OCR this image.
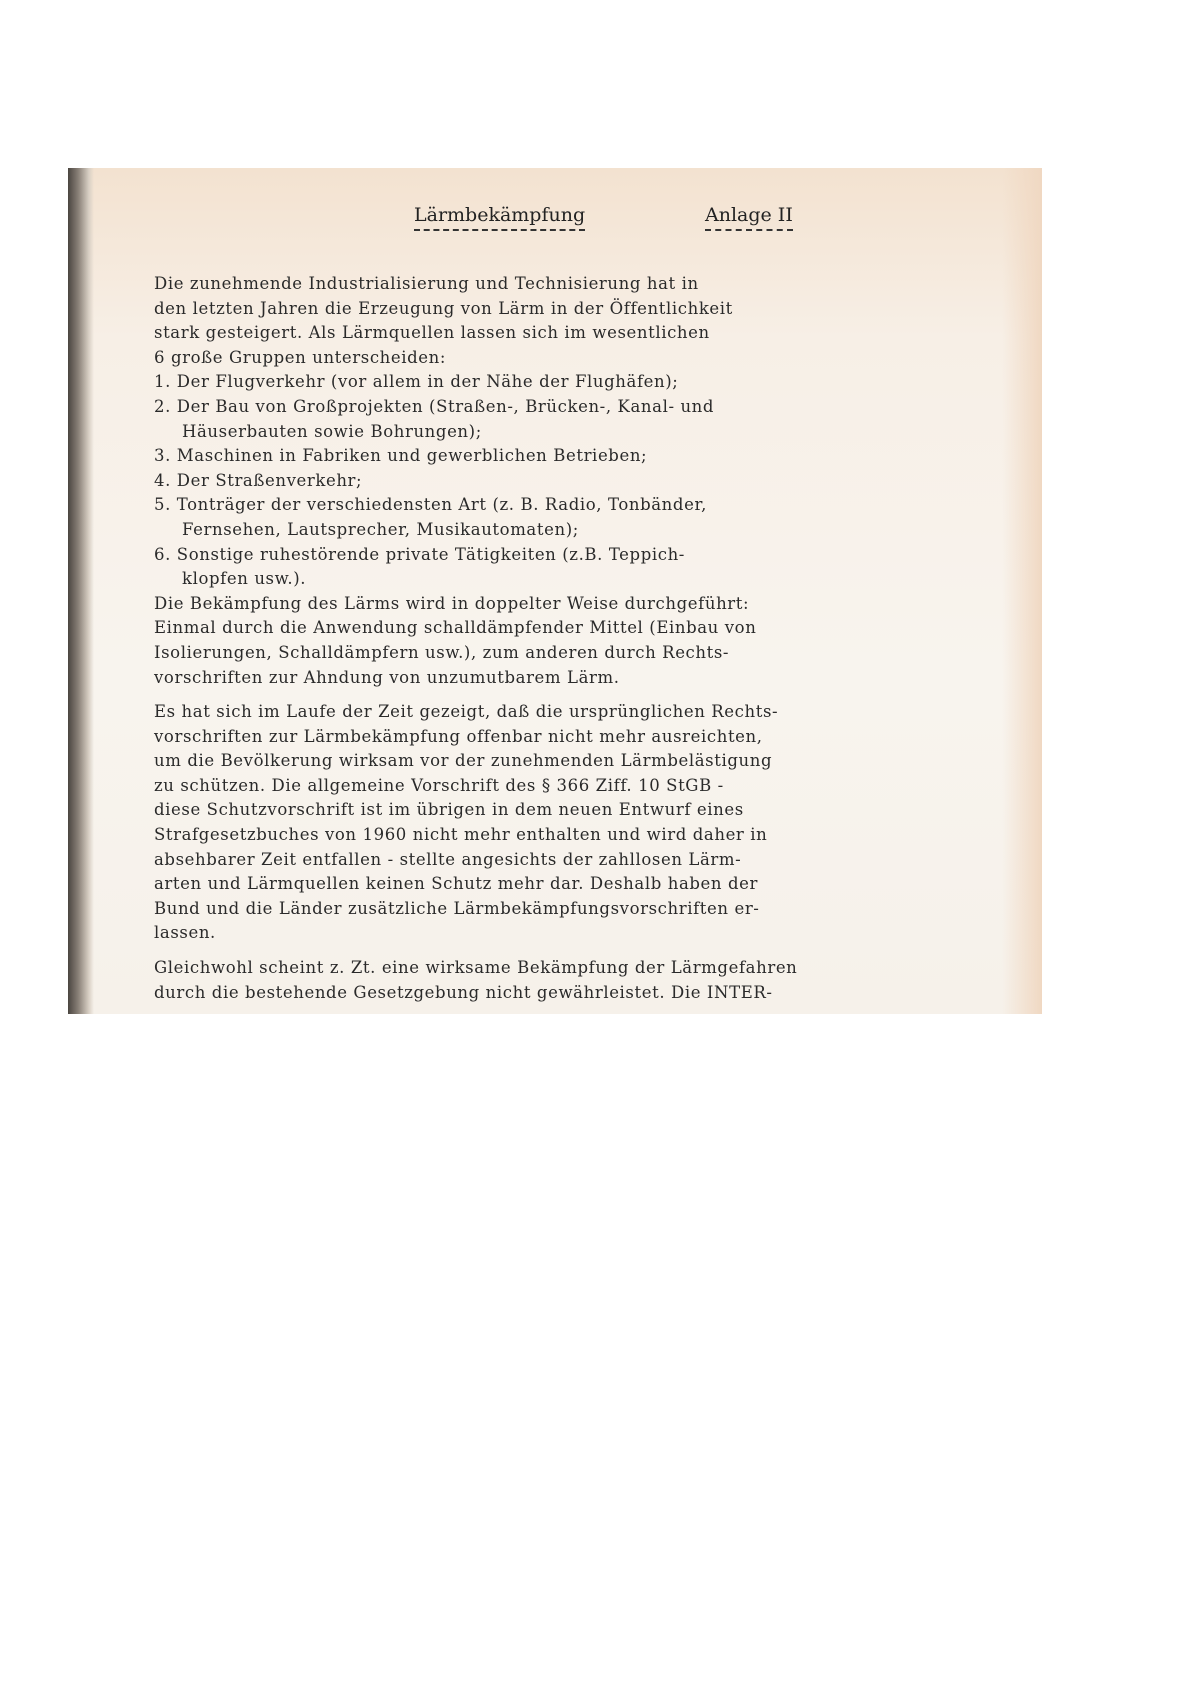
Lärmbekämpfung	Anlage II
Die zunehmende Industrialisierung und Technisierung hat in
den letzten Jahren die Erzeugung von Lärm in der Öffentlichkeit
stark gesteigert. Als Lärmquellen lassen sich im wesentlichen
6 große Gruppen unterscheiden:
1. Der Flugverkehr (vor allem in der Nähe der Flughäfen);
2. Der Bau von Großprojekten (Straßen-, Brücken-, Kanal- und
Häuserbauten sowie Bohrungen);
3. Maschinen in Fabriken und gewerblichen Betrieben;
4. Der Straßenverkehr;
5. Tonträger der verschiedensten Art (z. B. Radio, Tonbänder,
Fernsehen, Lautsprecher, Musikautomaten);
6. Sonstige ruhestörende private Tätigkeiten (z.B. Teppich-
klopfen usw.).
Die Bekämpfung des Lärms wird in doppelter Weise durchgeführt:
Einmal durch die Anwendung schalldämpfender Mittel (Einbau von
Isolierungen, Schalldämpfern usw.), zum anderen durch Rechts-
vorschriften zur Ahndung von unzumutbarem Lärm.
Es hat sich im Laufe der Zeit gezeigt, daß die ursprünglichen Rechts-
vorschriften zur Lärmbekämpfung offenbar nicht mehr ausreichten,
um die Bevölkerung wirksam vor der zunehmenden Lärmbelästigung
zu schützen. Die allgemeine Vorschrift des § 366 Ziff. 10 StGB -
diese Schutzvorschrift ist im übrigen in dem neuen Entwurf eines
Strafgesetzbuches von 1960 nicht mehr enthalten und wird daher in
absehbarer Zeit entfallen - stellte angesichts der zahllosen Lärm-
arten und Lärmquellen keinen Schutz mehr dar. Deshalb haben der
Bund und die Länder zusätzliche Lärmbekämpfungsvorschriften er-
lassen.
Gleichwohl scheint z. Zt. eine wirksame Bekämpfung der Lärmgefahren
durch die bestehende Gesetzgebung nicht gewährleistet. Die INTER-
